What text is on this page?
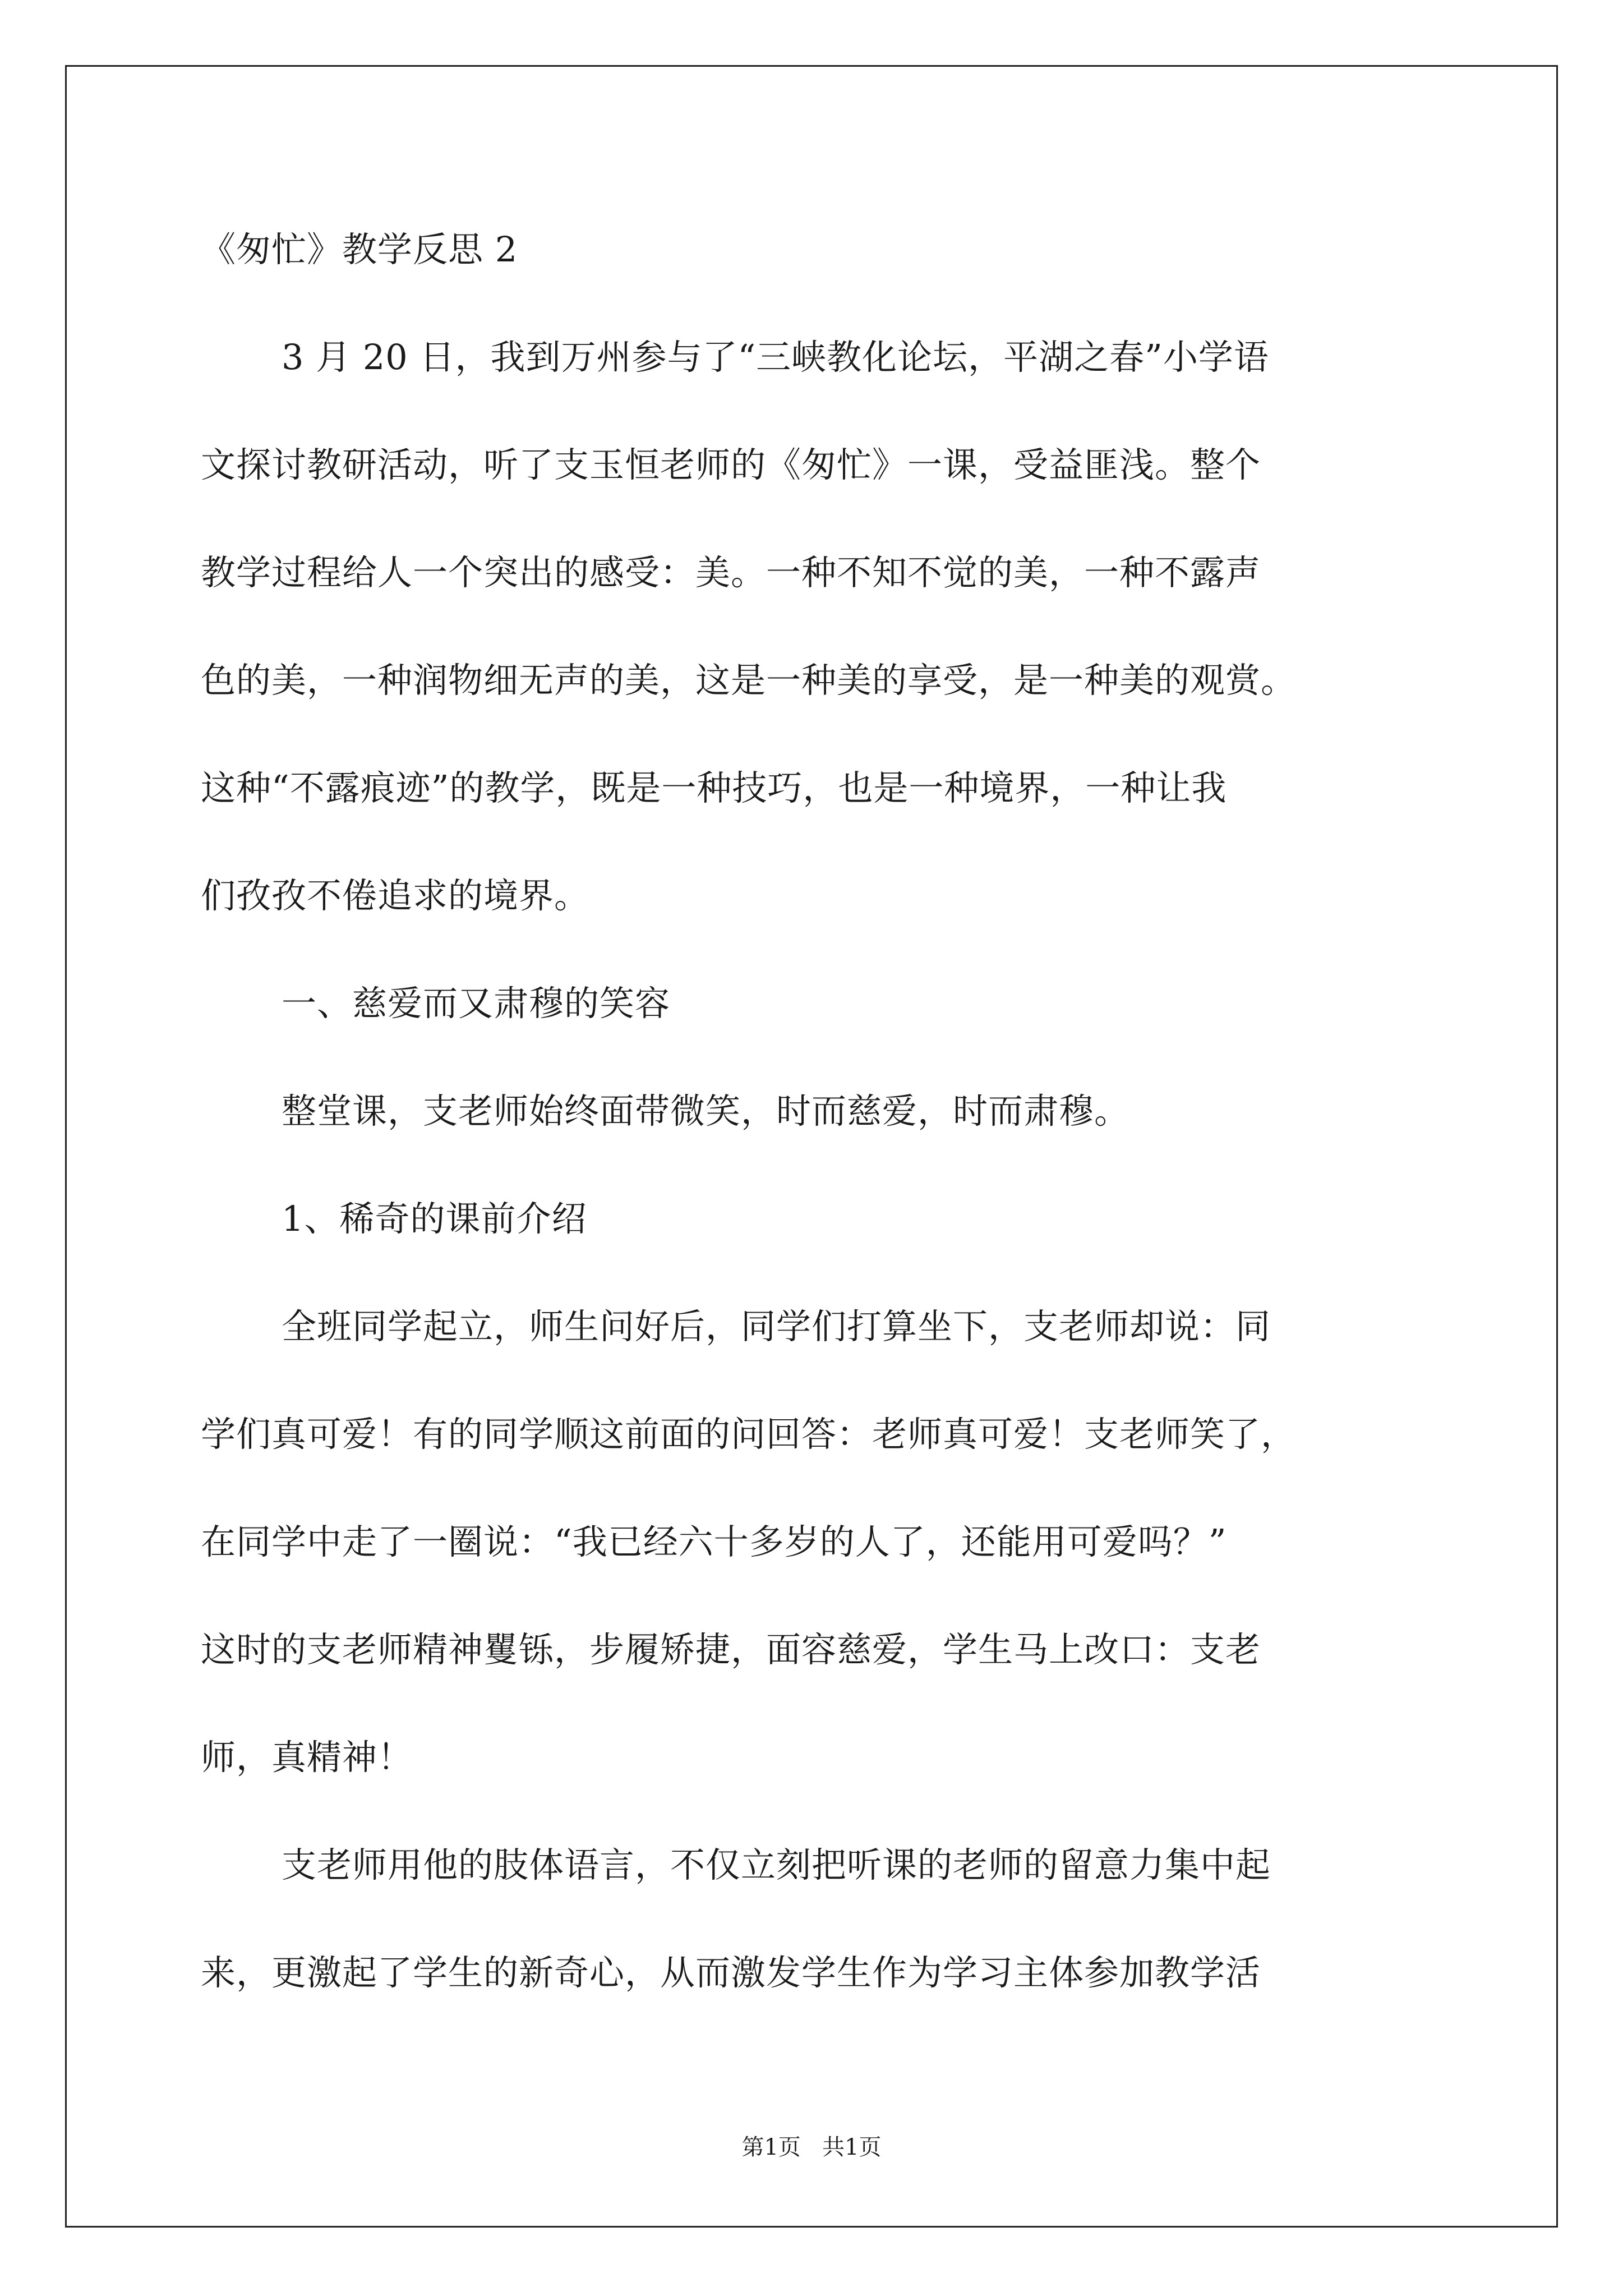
《匆忙》教学反思 2
3 月 20 日，我到万州参与了“三峡教化论坛，平湖之春”小学语
文探讨教研活动，听了支玉恒老师的《匆忙》一课，受益匪浅。整个
教学过程给人一个突出的感受：美。一种不知不觉的美，一种不露声
色的美，一种润物细无声的美，这是一种美的享受，是一种美的观赏。
这种“不露痕迹”的教学，既是一种技巧，也是一种境界，一种让我
们孜孜不倦追求的境界。
一、慈爱而又肃穆的笑容
整堂课，支老师始终面带微笑，时而慈爱，时而肃穆。
1、稀奇的课前介绍
全班同学起立，师生问好后，同学们打算坐下，支老师却说：同
学们真可爱！有的同学顺这前面的问回答：老师真可爱！支老师笑了，
在同学中走了一圈说：“我已经六十多岁的人了，还能用可爱吗？”
这时的支老师精神矍铄，步履矫捷，面容慈爱，学生马上改口：支老
师，真精神！
支老师用他的肢体语言，不仅立刻把听课的老师的留意力集中起
来，更激起了学生的新奇心，从而激发学生作为学习主体参加教学活
第1页   共1页
